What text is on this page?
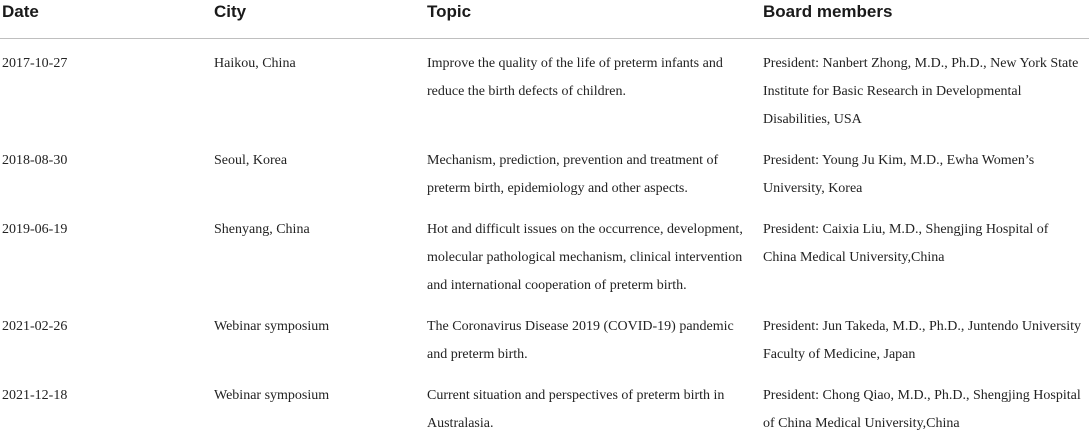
Date	City	Topic	Board members
2017-10-27	Haikou, China	Improve the quality of the life of preterm infants and reduce the birth defects of children.	President: Nanbert Zhong, M.D., Ph.D., New York State Institute for Basic Research in Developmental Disabilities, USA
2018-08-30	Seoul, Korea	Mechanism, prediction, prevention and treatment of preterm birth, epidemiology and other aspects.	President: Young Ju Kim, M.D., Ewha Women’s University, Korea
2019-06-19	Shenyang, China	Hot and difficult issues on the occurrence, development, molecular pathological mechanism, clinical intervention and international cooperation of preterm birth.	President: Caixia Liu, M.D., Shengjing Hospital of China Medical University,China
2021-02-26	Webinar symposium	The Coronavirus Disease 2019 (COVID-19) pandemic and preterm birth.	President: Jun Takeda, M.D., Ph.D., Juntendo University Faculty of Medicine, Japan
2021-12-18	Webinar symposium	Current situation and perspectives of preterm birth in Australasia.	President: Chong Qiao, M.D., Ph.D., Shengjing Hospital of China Medical University,China
